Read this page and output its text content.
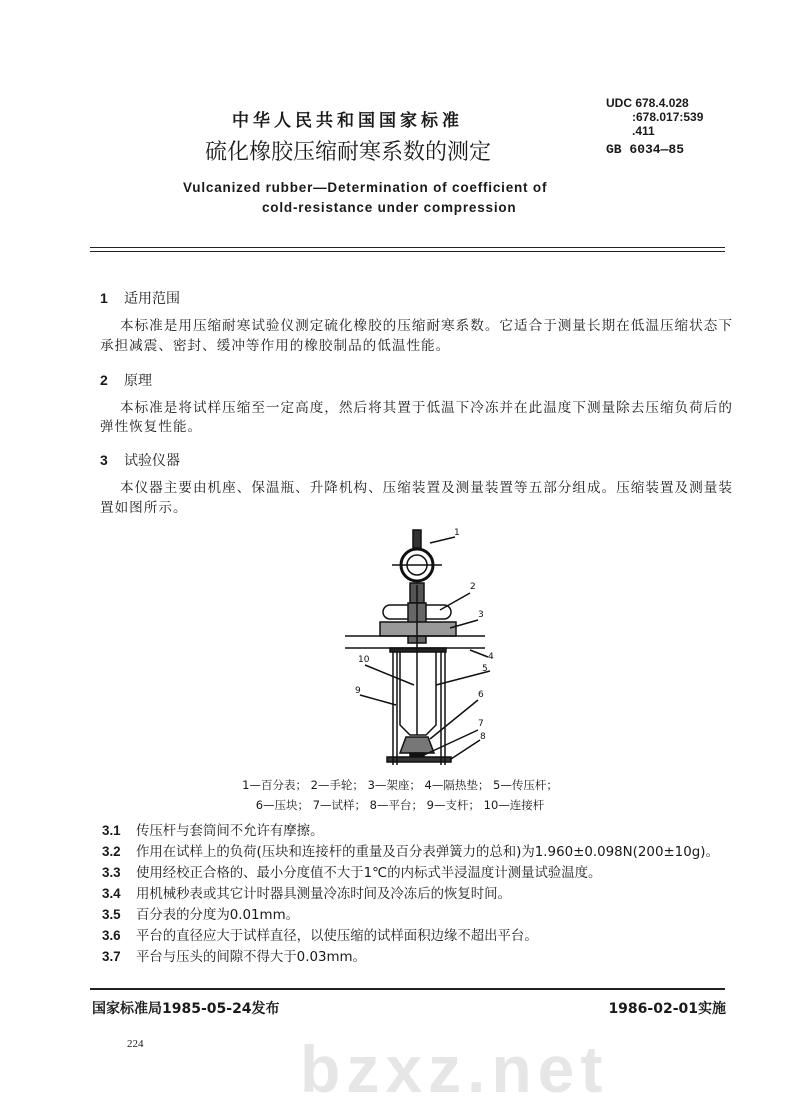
中华人民共和国国家标准
UDC 678.4.028
:678.017:539
.411
GB 6034—85
硫化橡胶压缩耐寒系数的测定
Vulcanized rubber—Determination of coefficient of
cold-resistance under compression
1 适用范围
本标准是用压缩耐寒试验仪测定硫化橡胶的压缩耐寒系数。它适合于测量长期在低温压缩状态下
承担减震、密封、缓冲等作用的橡胶制品的低温性能。
2 原理
本标准是将试样压缩至一定高度，然后将其置于低温下冷冻并在此温度下测量除去压缩负荷后的
弹性恢复性能。
3 试验仪器
本仪器主要由机座、保温瓶、升降机构、压缩装置及测量装置等五部分组成。压缩装置及测量装
置如图所示。
1
2
3
4
5
6
7
8
9
10
1—百分表； 2—手轮； 3—架座； 4—隔热垫； 5—传压杆；
6—压块； 7—试样； 8—平台； 9—支杆； 10—连接杆
3.1 传压杆与套筒间不允许有摩擦。
3.2 作用在试样上的负荷(压块和连接杆的重量及百分表弹簧力的总和)为1.960±0.098N(200±10g)。
3.3 使用经校正合格的、最小分度值不大于1℃的内标式半浸温度计测量试验温度。
3.4 用机械秒表或其它计时器具测量冷冻时间及冷冻后的恢复时间。
3.5 百分表的分度为0.01mm。
3.6 平台的直径应大于试样直径，以使压缩的试样面积边缘不超出平台。
3.7 平台与压头的间隙不得大于0.03mm。
国家标准局1985-05-24发布	1986-02-01实施
224 bzxz.net
